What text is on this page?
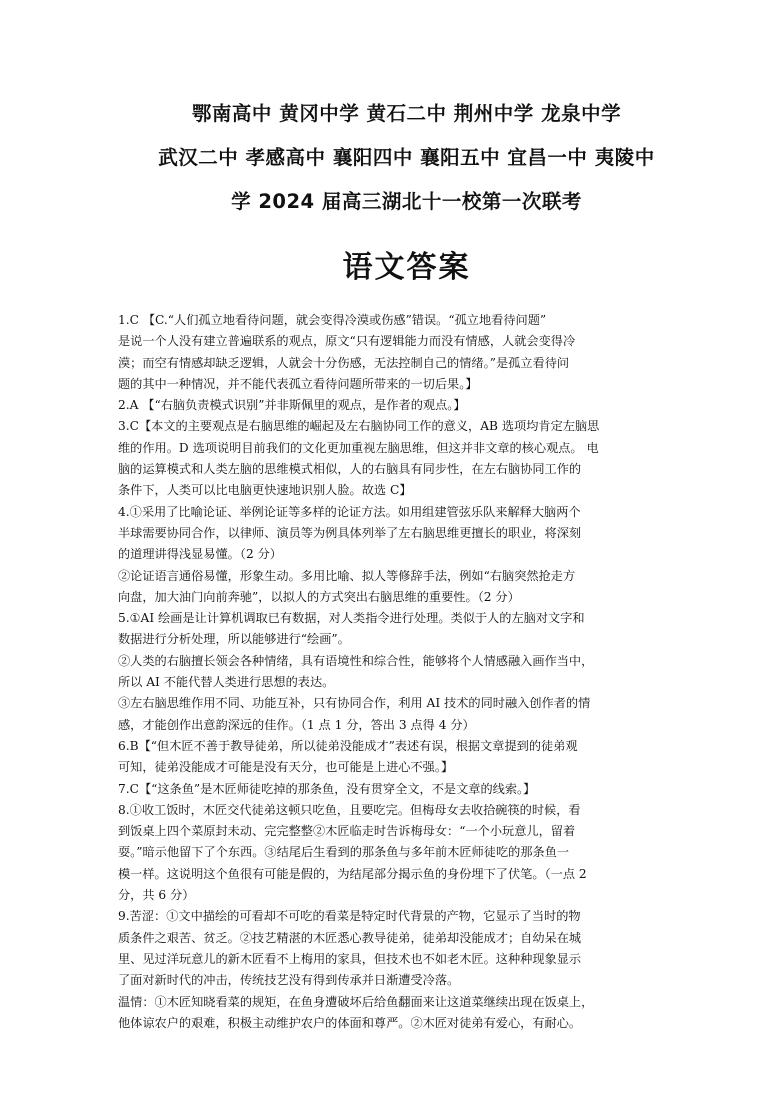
鄂南高中 黄冈中学 黄石二中 荆州中学 龙泉中学
武汉二中 孝感高中 襄阳四中 襄阳五中 宜昌一中 夷陵中
学 2024 届高三湖北十一校第一次联考
语文答案
1.C 【C.“人们孤立地看待问题，就会变得冷漠或伤感”错误。“孤立地看待问题”
是说一个人没有建立普遍联系的观点，原文“只有逻辑能力而没有情感，人就会变得冷
漠；而空有情感却缺乏逻辑，人就会十分伤感，无法控制自己的情绪。”是孤立看待问
题的其中一种情况，并不能代表孤立看待问题所带来的一切后果。】
2.A 【“右脑负责模式识别”并非斯佩里的观点，是作者的观点。】
3.C【本文的主要观点是右脑思维的崛起及左右脑协同工作的意义，AB 选项均肯定左脑思
维的作用。D 选项说明目前我们的文化更加重视左脑思维，但这并非文章的核心观点。 电
脑的运算模式和人类左脑的思维模式相似，人的右脑具有同步性，在左右脑协同工作的
条件下，人类可以比电脑更快速地识别人脸。故选 C】
4.①采用了比喻论证、举例论证等多样的论证方法。如用组建管弦乐队来解释大脑两个
半球需要协同合作，以律师、演员等为例具体列举了左右脑思维更擅长的职业，将深刻
的道理讲得浅显易懂。（2 分）
②论证语言通俗易懂，形象生动。多用比喻、拟人等修辞手法，例如“右脑突然抢走方
向盘，加大油门向前奔驰”，以拟人的方式突出右脑思维的重要性。（2 分）
5.①AI 绘画是让计算机调取已有数据，对人类指令进行处理。类似于人的左脑对文字和
数据进行分析处理，所以能够进行“绘画”。
②人类的右脑擅长领会各种情绪，具有语境性和综合性，能够将个人情感融入画作当中，
所以 AI 不能代替人类进行思想的表达。
③左右脑思维作用不同、功能互补，只有协同合作，利用 AI 技术的同时融入创作者的情
感，才能创作出意韵深远的佳作。（1 点 1 分，答出 3 点得 4 分）
6.B【“但木匠不善于教导徒弟，所以徒弟没能成才”表述有误，根据文章提到的徒弟观
可知，徒弟没能成才可能是没有天分，也可能是上进心不强。】
7.C【“这条鱼”是木匠师徒吃掉的那条鱼，没有贯穿全文，不是文章的线索。】
8.①收工饭时，木匠交代徒弟这顿只吃鱼，且要吃完。但梅母女去收拾碗筷的时候，看
到饭桌上四个菜原封未动、完完整整②木匠临走时告诉梅母女：“一个小玩意儿，留着
耍。”暗示他留下了个东西。③结尾后生看到的那条鱼与多年前木匠师徒吃的那条鱼一
模一样。这说明这个鱼很有可能是假的，为结尾部分揭示鱼的身份埋下了伏笔。（一点 2
分，共 6 分）
9.苦涩：①文中描绘的可看却不可吃的看菜是特定时代背景的产物，它显示了当时的物
质条件之艰苦、贫乏。②技艺精湛的木匠悉心教导徒弟，徒弟却没能成才；自幼呆在城
里、见过洋玩意儿的新木匠看不上梅用的家具，但技术也不如老木匠。这种种现象显示
了面对新时代的冲击，传统技艺没有得到传承并日渐遭受冷落。
温情：①木匠知晓看菜的规矩，在鱼身遭破坏后给鱼翻面来让这道菜继续出现在饭桌上，
他体谅农户的艰难，积极主动维护农户的体面和尊严。②木匠对徒弟有爱心，有耐心。
